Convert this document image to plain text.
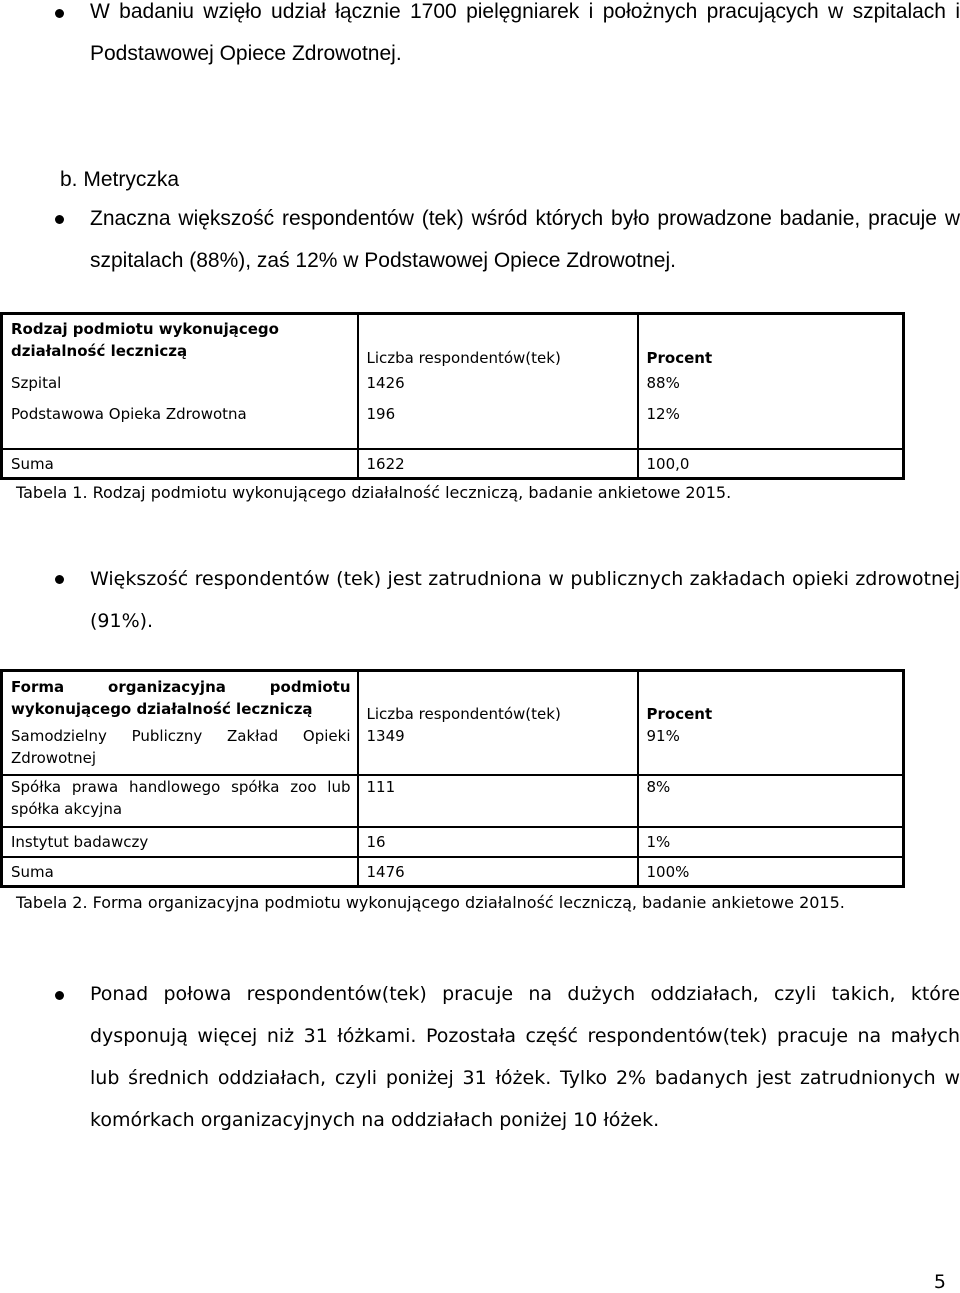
W badaniu wzięło udział łącznie 1700 pielęgniarek i położnych pracujących w szpitalach i Podstawowej Opiece Zdrowotnej.
b. Metryczka
Znaczna większość respondentów (tek) wśród których było prowadzone badanie, pracuje w szpitalach (88%), zaś 12% w Podstawowej Opiece Zdrowotnej.
Rodzaj podmiotu wykonującego działalność leczniczą	Liczba respondentów(tek)	Procent
Szpital	1426	88%
Podstawowa Opieka Zdrowotna	196	12%
Suma	1622	100,0
Tabela 1. Rodzaj podmiotu wykonującego działalność leczniczą, badanie ankietowe 2015.
Większość respondentów (tek) jest zatrudniona w publicznych zakładach opieki zdrowotnej (91%).
Forma organizacyjna podmiotu wykonującego działalność leczniczą	Liczba respondentów(tek)	Procent
Samodzielny Publiczny Zakład Opieki Zdrowotnej	1349	91%
Spółka prawa handlowego spółka zoo lub spółka akcyjna	111	8%
Instytut badawczy	16	1%
Suma	1476	100%
Tabela 2. Forma organizacyjna podmiotu wykonującego działalność leczniczą, badanie ankietowe 2015.
Ponad połowa respondentów(tek) pracuje na dużych oddziałach, czyli takich, które dysponują więcej niż 31 łóżkami. Pozostała część respondentów(tek) pracuje na małych lub średnich oddziałach, czyli poniżej 31 łóżek. Tylko 2% badanych jest zatrudnionych w komórkach organizacyjnych na oddziałach poniżej 10 łóżek.
5
